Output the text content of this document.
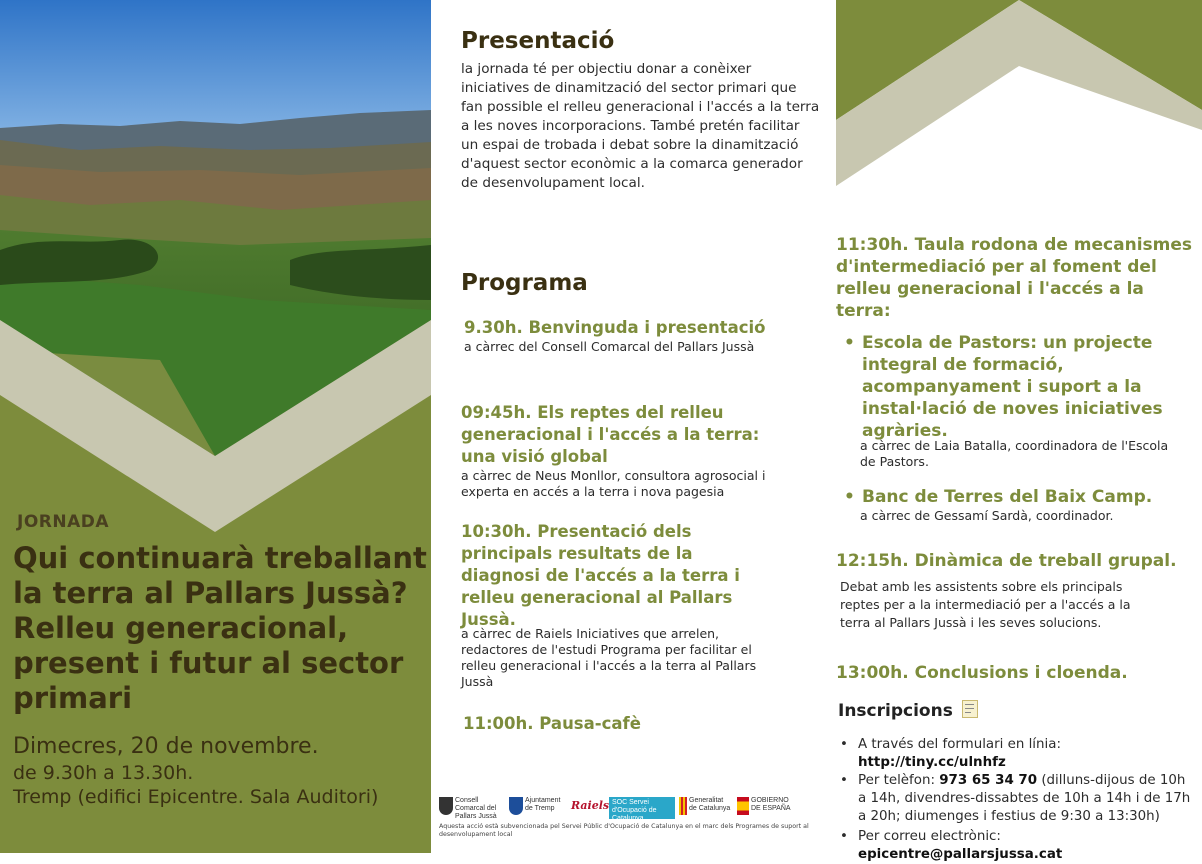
JORNADA
Qui continuarà treballant la terra al Pallars Jussà? Relleu generacional, present i futur al sector primari
Dimecres, 20 de novembre.
de 9.30h a 13.30h.
Tremp (edifici Epicentre. Sala Auditori)
Presentació
la jornada té per objectiu donar a conèixer iniciatives de dinamització del sector primari que fan possible el relleu generacional i l'accés a la terra a les noves incorporacions. També pretén facilitar un espai de trobada i debat sobre la dinamització d'aquest sector econòmic a la comarca generador de desenvolupament local.
Programa
9.30h. Benvinguda i presentació
a càrrec del Consell Comarcal del Pallars Jussà
09:45h. Els reptes del relleu generacional i l'accés a la terra: una visió global
a càrrec de Neus Monllor, consultora agrosocial i experta en accés a la terra i nova pagesia
10:30h. Presentació dels principals resultats de la diagnosi de l'accés a la terra i relleu generacional al Pallars Jussà.
a càrrec de Raiels Iniciatives que arrelen, redactores de l'estudi Programa per facilitar el relleu generacional i l'accés a la terra al Pallars Jussà
11:00h. Pausa-cafè
Consell Comarcal del Pallars Jussà
Ajuntament de Tremp	Raiels SOC Servei d'Ocupació de Catalunya
Generalitat de Catalunya
GOBIERNO DE ESPAÑA
Aquesta acció està subvencionada pel Servei Públic d'Ocupació de Catalunya en el marc dels Programes de suport al desenvolupament local
11:30h. Taula rodona de mecanismes d'intermediació per al foment del relleu generacional i l'accés a la terra:
• Escola de Pastors: un projecte integral de formació, acompanyament i suport a la instal·lació de noves iniciatives agràries.
a càrrec de Laia Batalla, coordinadora de l'Escola de Pastors.
• Banc de Terres del Baix Camp.
a càrrec de Gessamí Sardà, coordinador.
12:15h. Dinàmica de treball grupal.
Debat amb les assistents sobre els principals reptes per a la intermediació per a l'accés a la terra al Pallars Jussà i les seves solucions.
13:00h. Conclusions i cloenda.
Inscripcions
• A través del formulari en línia: http://tiny.cc/ulnhfz
• Per telèfon: 973 65 34 70 (dilluns-dijous de 10h a 14h, divendres-dissabtes de 10h a 14h i de 17h a 20h; diumenges i festius de 9:30 a 13:30h)
• Per correu electrònic: epicentre@pallarsjussa.cat
